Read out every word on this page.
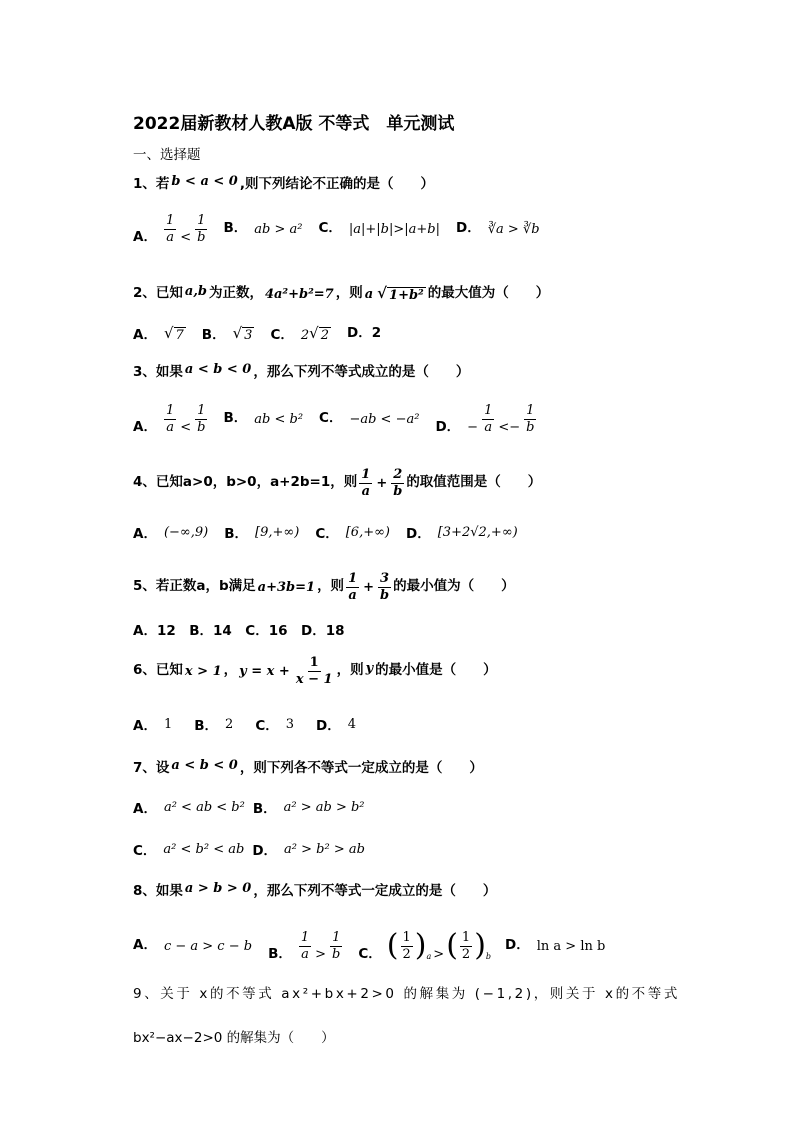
2022届新教材人教A版 不等式　单元测试
一、选择题
1、若 b < a < 0 ,则下列结论不正确的是（　　）
A． $\frac{1}{a} < \frac{1}{b}$ B． ab > a² C． |a|+|b|>|a+b| D． ∛a > ∛b
2、已知 a,b 为正数， 4a²+b²=7 ，则 a √ 1+b² 的最大值为（　　）
A． √ 7 B． √ 3 C． 2 √ 2 D．2
3、如果 a < b < 0 ，那么下列不等式成立的是（　　）
A． $\frac{1}{a} < \frac{1}{b}$ B． ab < b² C． −ab < −a² D． − $\frac{1}{a} <- \frac{1}{b}$
4、已知a>0，b>0，a+2b=1，则 $\frac{1}{a} + \frac{2}{b}$ 的取值范围是（　　）
A． (−∞,9) B． [9,+∞) C． [6,+∞) D． [3+2√2,+∞)
5、若正数a，b满足 a+3b=1 ，则 $\frac{1}{a} + \frac{3}{b}$ 的最小值为（　　）
A．12　B．14　C．16　D．18
6、已知 x > 1 ， $y = x + \frac{1}{x - 1}$ ，则 y 的最小值是（　　）
A． 1 B． 2 C． 3 D． 4
7、设 a < b < 0 ，则下列各不等式一定成立的是（　　）
A． a² < ab < b² B． a² > ab > b²
C． a² < b² < ab D． a² > b² > ab
8、如果 a > b > 0 ，那么下列不等式一定成立的是（　　）
A． c − a > c − b B． $\frac{1}{a} > \frac{1}{b}$ C． ( $\frac{1}{2} )_a$ > ( $\frac{1}{2} )_b$
D． ln a > ln b
9、关于 x的不等式 ax²+bx+2>0 的解集为 (−1,2)，则关于 x的不等式
bx²−ax−2>0 的解集为（　　）
